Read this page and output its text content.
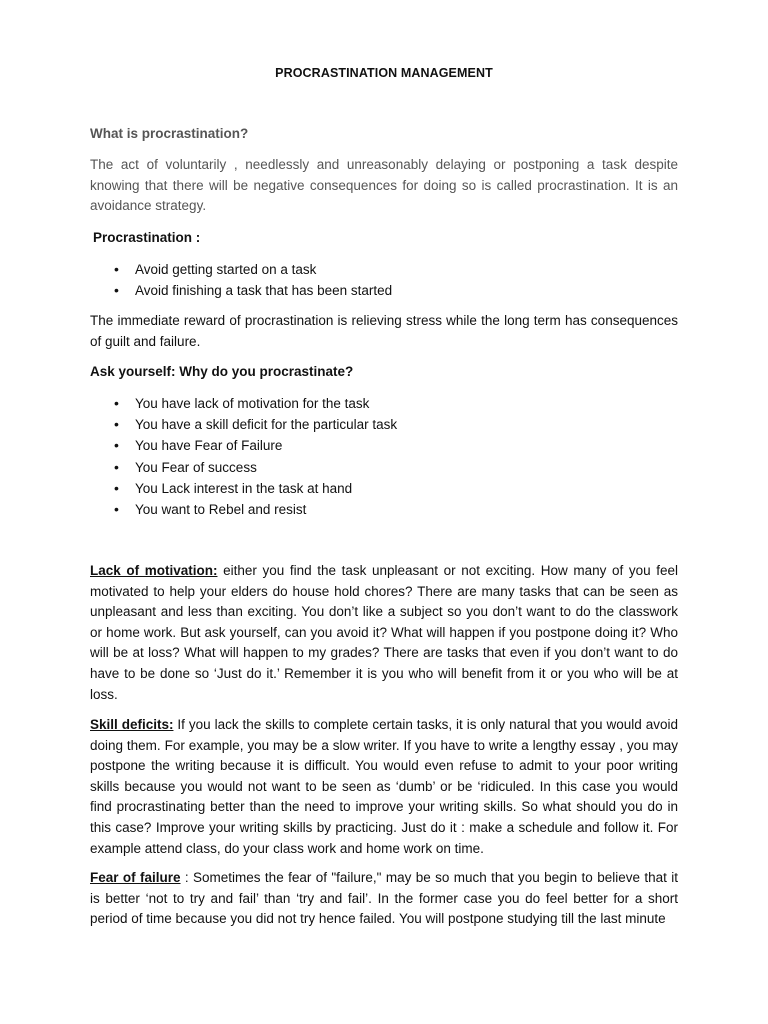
PROCRASTINATION MANAGEMENT
What is procrastination?
The act of voluntarily , needlessly and unreasonably delaying or postponing a task despite knowing that there will be negative consequences for doing so is called procrastination. It is an avoidance strategy.
Procrastination :
• Avoid getting started on a task
• Avoid finishing a task that has been started
The immediate reward of procrastination is relieving stress while the long term has consequences of guilt and failure.
Ask yourself: Why do you procrastinate?
• You have lack of motivation for the task
• You have a skill deficit for the particular task
• You have Fear of Failure
• You Fear of success
• You Lack interest in the task at hand
• You want to Rebel and resist
Lack of motivation: either you find the task unpleasant or not exciting. How many of you feel motivated to help your elders do house hold chores? There are many tasks that can be seen as unpleasant and less than exciting. You don’t like a subject so you don’t want to do the classwork or home work. But ask yourself, can you avoid it? What will happen if you postpone doing it? Who will be at loss? What will happen to my grades? There are tasks that even if you don’t want to do have to be done so ‘Just do it.’ Remember it is you who will benefit from it or you who will be at loss.
Skill deficits: If you lack the skills to complete certain tasks, it is only natural that you would avoid doing them. For example, you may be a slow writer. If you have to write a lengthy essay , you may postpone the writing because it is difficult. You would even refuse to admit to your poor writing skills because you would not want to be seen as ‘dumb’ or be ‘ridiculed. In this case you would find procrastinating better than the need to improve your writing skills. So what should you do in this case? Improve your writing skills by practicing. Just do it : make a schedule and follow it. For example attend class, do your class work and home work on time.
Fear of failure : Sometimes the fear of "failure," may be so much that you begin to believe that it is better ‘not to try and fail’ than ‘try and fail’. In the former case you do feel better for a short period of time because you did not try hence failed. You will postpone studying till the last minute
